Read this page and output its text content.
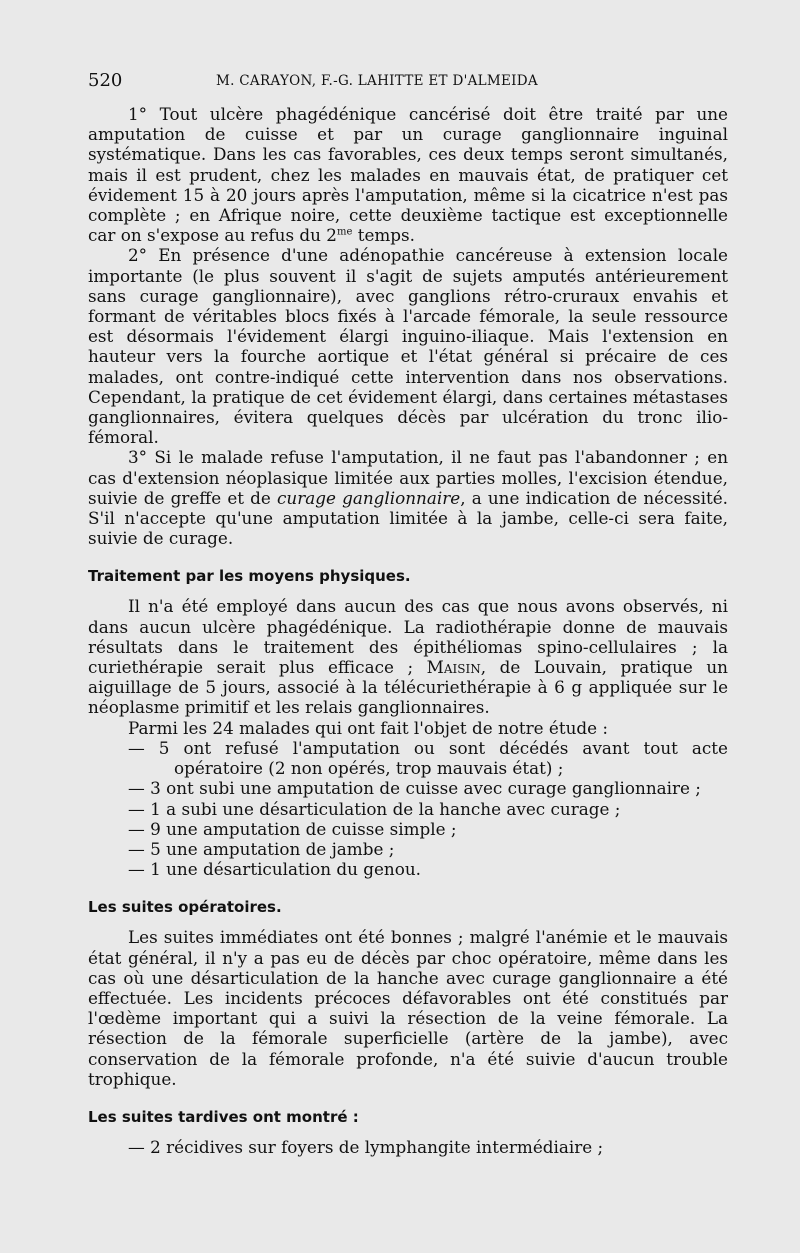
520	M. CARAYON, F.-G. LAHITTE ET D'ALMEIDA

1° Tout ulcère phagédénique cancérisé doit être traité par une amputation de cuisse et par un curage ganglionnaire inguinal systématique. Dans les cas favorables, ces deux temps seront simultanés, mais il est prudent, chez les malades en mauvais état, de pratiquer cet évidement 15 à 20 jours après l'amputation, même si la cicatrice n'est pas complète ; en Afrique noire, cette deuxième tactique est exceptionnelle car on s'expose au refus du $2^{me}$ temps.

2° En présence d'une adénopathie cancéreuse à extension locale importante (le plus souvent il s'agit de sujets amputés antérieurement sans curage ganglionnaire), avec ganglions rétro-cruraux envahis et formant de véritables blocs fixés à l'arcade fémorale, la seule ressource est désormais l'évidement élargi inguino-iliaque. Mais l'extension en hauteur vers la fourche aortique et l'état général si précaire de ces malades, ont contre-indiqué cette intervention dans nos observations. Cependant, la pratique de cet évidement élargi, dans certaines métastases ganglionnaires, évitera quelques décès par ulcération du tronc ilio-fémoral.

3° Si le malade refuse l'amputation, il ne faut pas l'abandonner ; en cas d'extension néoplasique limitée aux parties molles, l'excision étendue, suivie de greffe et de curage ganglionnaire, a une indication de nécessité. S'il n'accepte qu'une amputation limitée à la jambe, celle-ci sera faite, suivie de curage.

Traitement par les moyens physiques.

Il n'a été employé dans aucun des cas que nous avons observés, ni dans aucun ulcère phagédénique. La radiothérapie donne de mauvais résultats dans le traitement des épithéliomas spino-cellulaires ; la curiethérapie serait plus efficace ; Maisin, de Louvain, pratique un aiguillage de 5 jours, associé à la télécuriethérapie à 6 g appliquée sur le néoplasme primitif et les relais ganglionnaires.

Parmi les 24 malades qui ont fait l'objet de notre étude :

— 5 ont refusé l'amputation ou sont décédés avant tout acte opératoire (2 non opérés, trop mauvais état) ;
— 3 ont subi une amputation de cuisse avec curage ganglionnaire ;
— 1 a subi une désarticulation de la hanche avec curage ;
— 9 une amputation de cuisse simple ;
— 5 une amputation de jambe ;
— 1 une désarticulation du genou.
Les suites opératoires.

Les suites immédiates ont été bonnes ; malgré l'anémie et le mauvais état général, il n'y a pas eu de décès par choc opératoire, même dans les cas où une désarticulation de la hanche avec curage ganglionnaire a été effectuée. Les incidents précoces défavorables ont été constitués par l'œdème important qui a suivi la résection de la veine fémorale. La résection de la fémorale superficielle (artère de la jambe), avec conservation de la fémorale profonde, n'a été suivie d'aucun trouble trophique.

Les suites tardives ont montré :
— 2 récidives sur foyers de lymphangite intermédiaire ;
